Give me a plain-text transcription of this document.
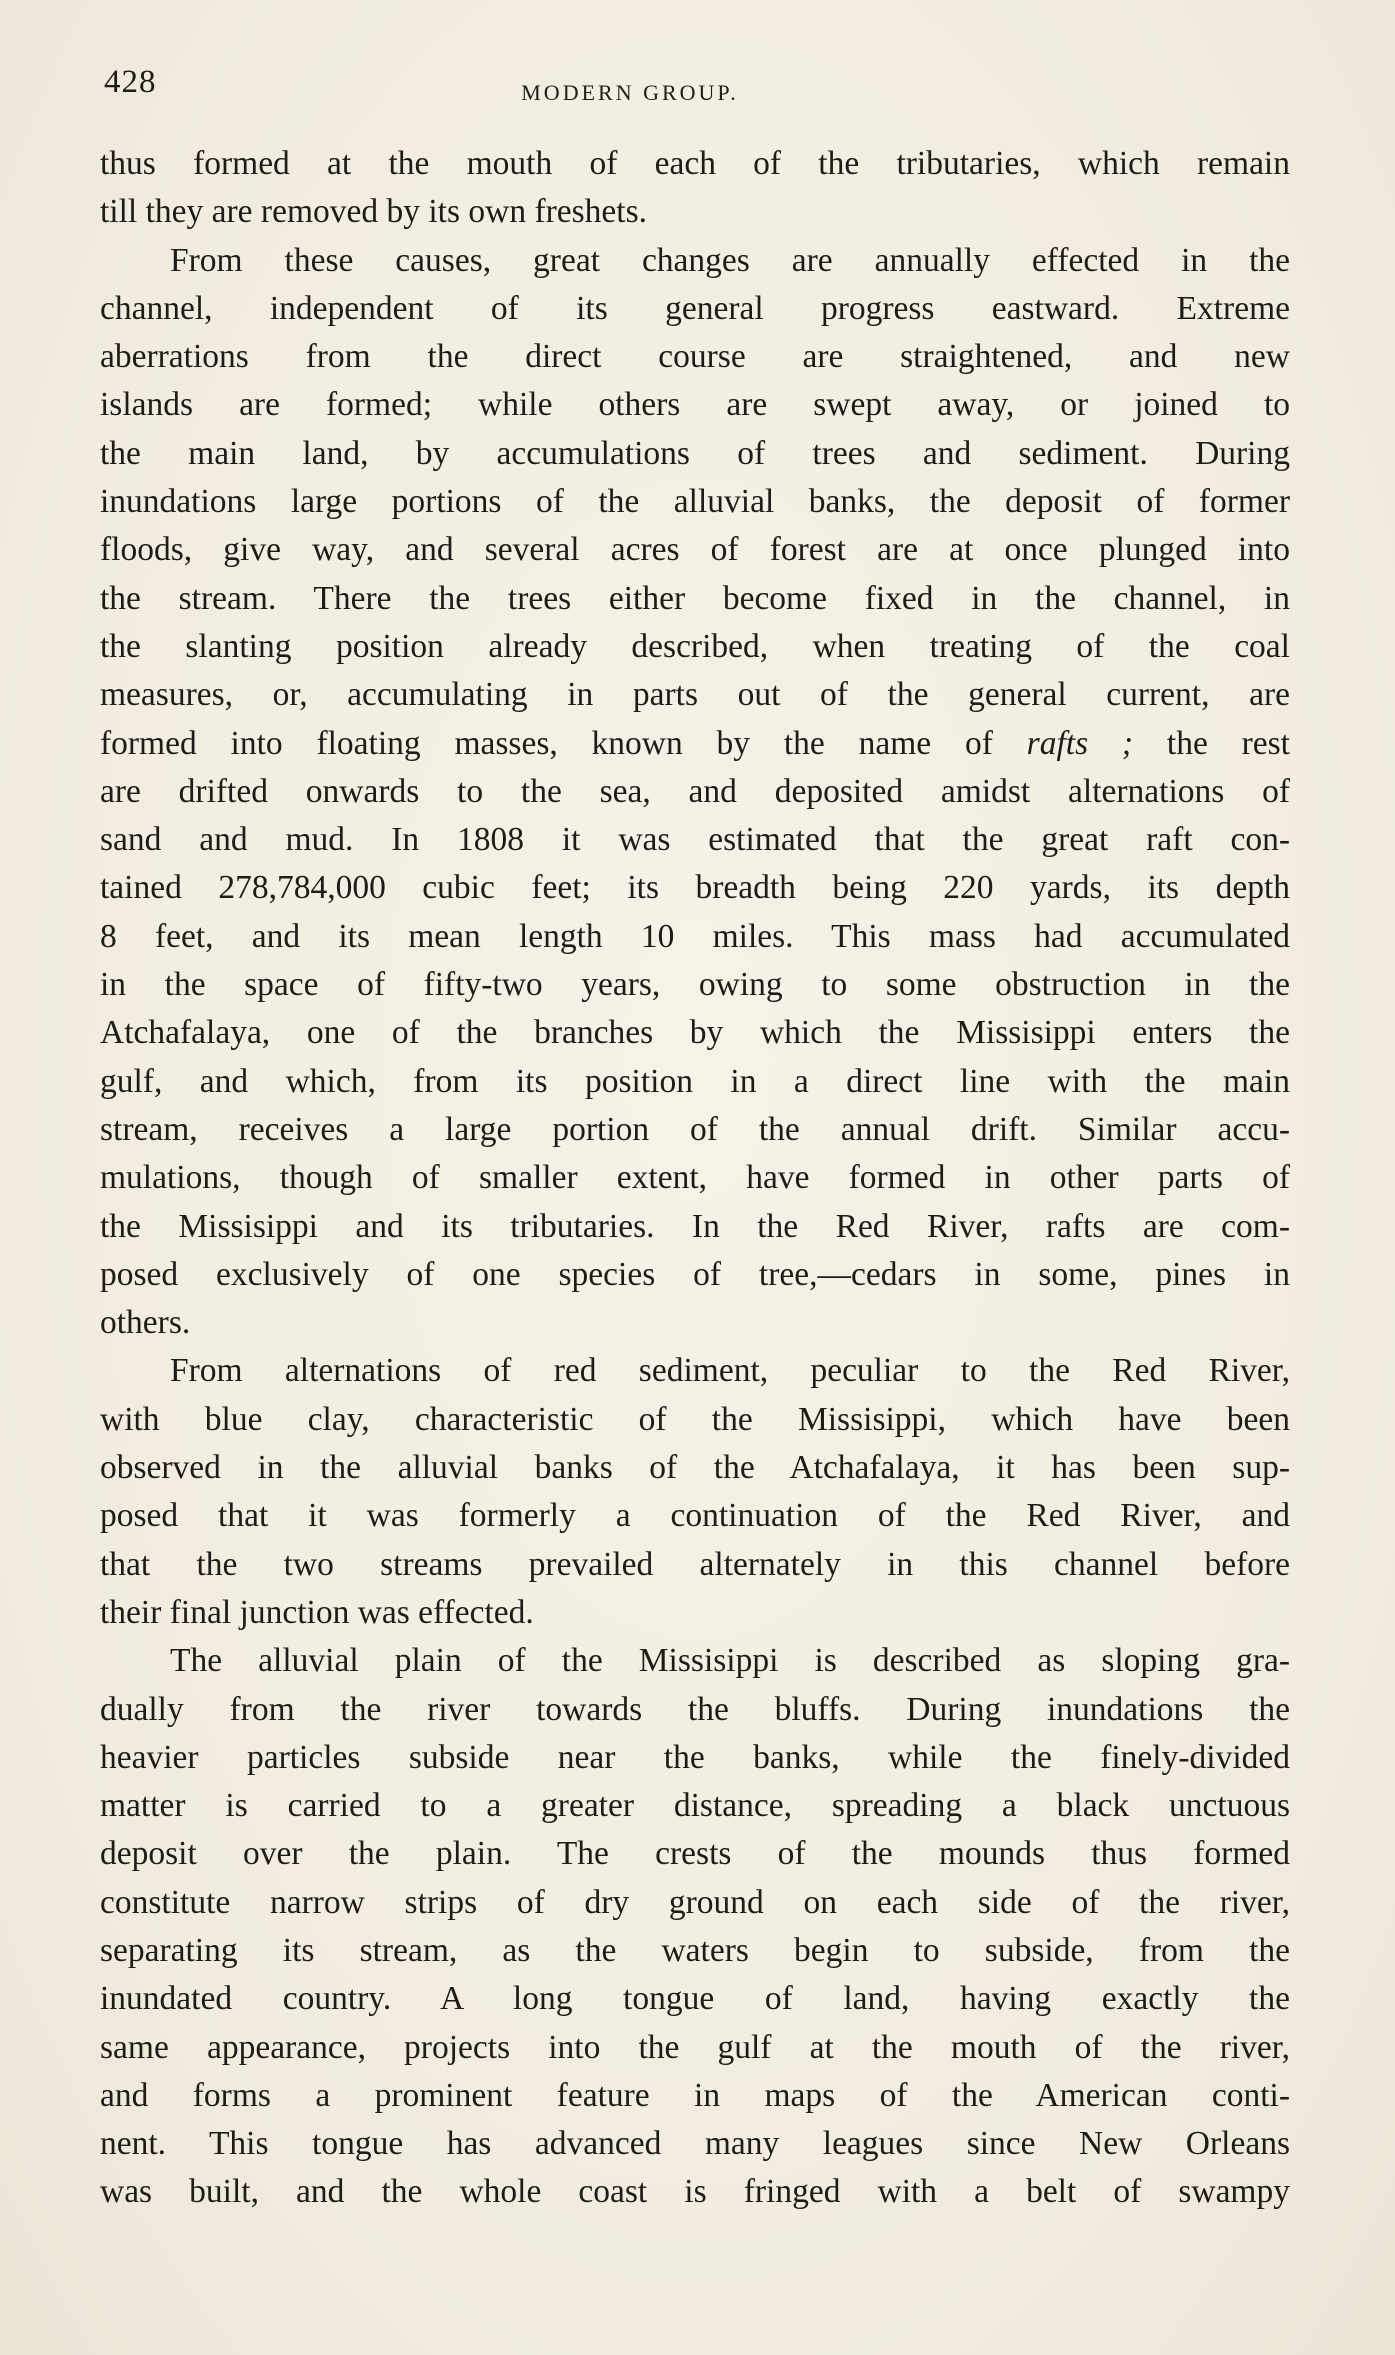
428	MODERN GROUP.
thus formed at the mouth of each of the tributaries, which remain
till they are removed by its own freshets.
From these causes, great changes are annually effected in the
channel, independent of its general progress eastward. Extreme
aberrations from the direct course are straightened, and new
islands are formed; while others are swept away, or joined to
the main land, by accumulations of trees and sediment. During
inundations large portions of the alluvial banks, the deposit of former
floods, give way, and several acres of forest are at once plunged into
the stream. There the trees either become fixed in the channel, in
the slanting position already described, when treating of the coal
measures, or, accumulating in parts out of the general current, are
formed into floating masses, known by the name of rafts ; the rest
are drifted onwards to the sea, and deposited amidst alternations of
sand and mud. In 1808 it was estimated that the great raft con-
tained 278,784,000 cubic feet; its breadth being 220 yards, its depth
8 feet, and its mean length 10 miles. This mass had accumulated
in the space of fifty-two years, owing to some obstruction in the
Atchafalaya, one of the branches by which the Missisippi enters the
gulf, and which, from its position in a direct line with the main
stream, receives a large portion of the annual drift. Similar accu-
mulations, though of smaller extent, have formed in other parts of
the Missisippi and its tributaries. In the Red River, rafts are com-
posed exclusively of one species of tree,—cedars in some, pines in
others.
From alternations of red sediment, peculiar to the Red River,
with blue clay, characteristic of the Missisippi, which have been
observed in the alluvial banks of the Atchafalaya, it has been sup-
posed that it was formerly a continuation of the Red River, and
that the two streams prevailed alternately in this channel before
their final junction was effected.
The alluvial plain of the Missisippi is described as sloping gra-
dually from the river towards the bluffs. During inundations the
heavier particles subside near the banks, while the finely-divided
matter is carried to a greater distance, spreading a black unctuous
deposit over the plain. The crests of the mounds thus formed
constitute narrow strips of dry ground on each side of the river,
separating its stream, as the waters begin to subside, from the
inundated country. A long tongue of land, having exactly the
same appearance, projects into the gulf at the mouth of the river,
and forms a prominent feature in maps of the American conti-
nent. This tongue has advanced many leagues since New Orleans
was built, and the whole coast is fringed with a belt of swampy
